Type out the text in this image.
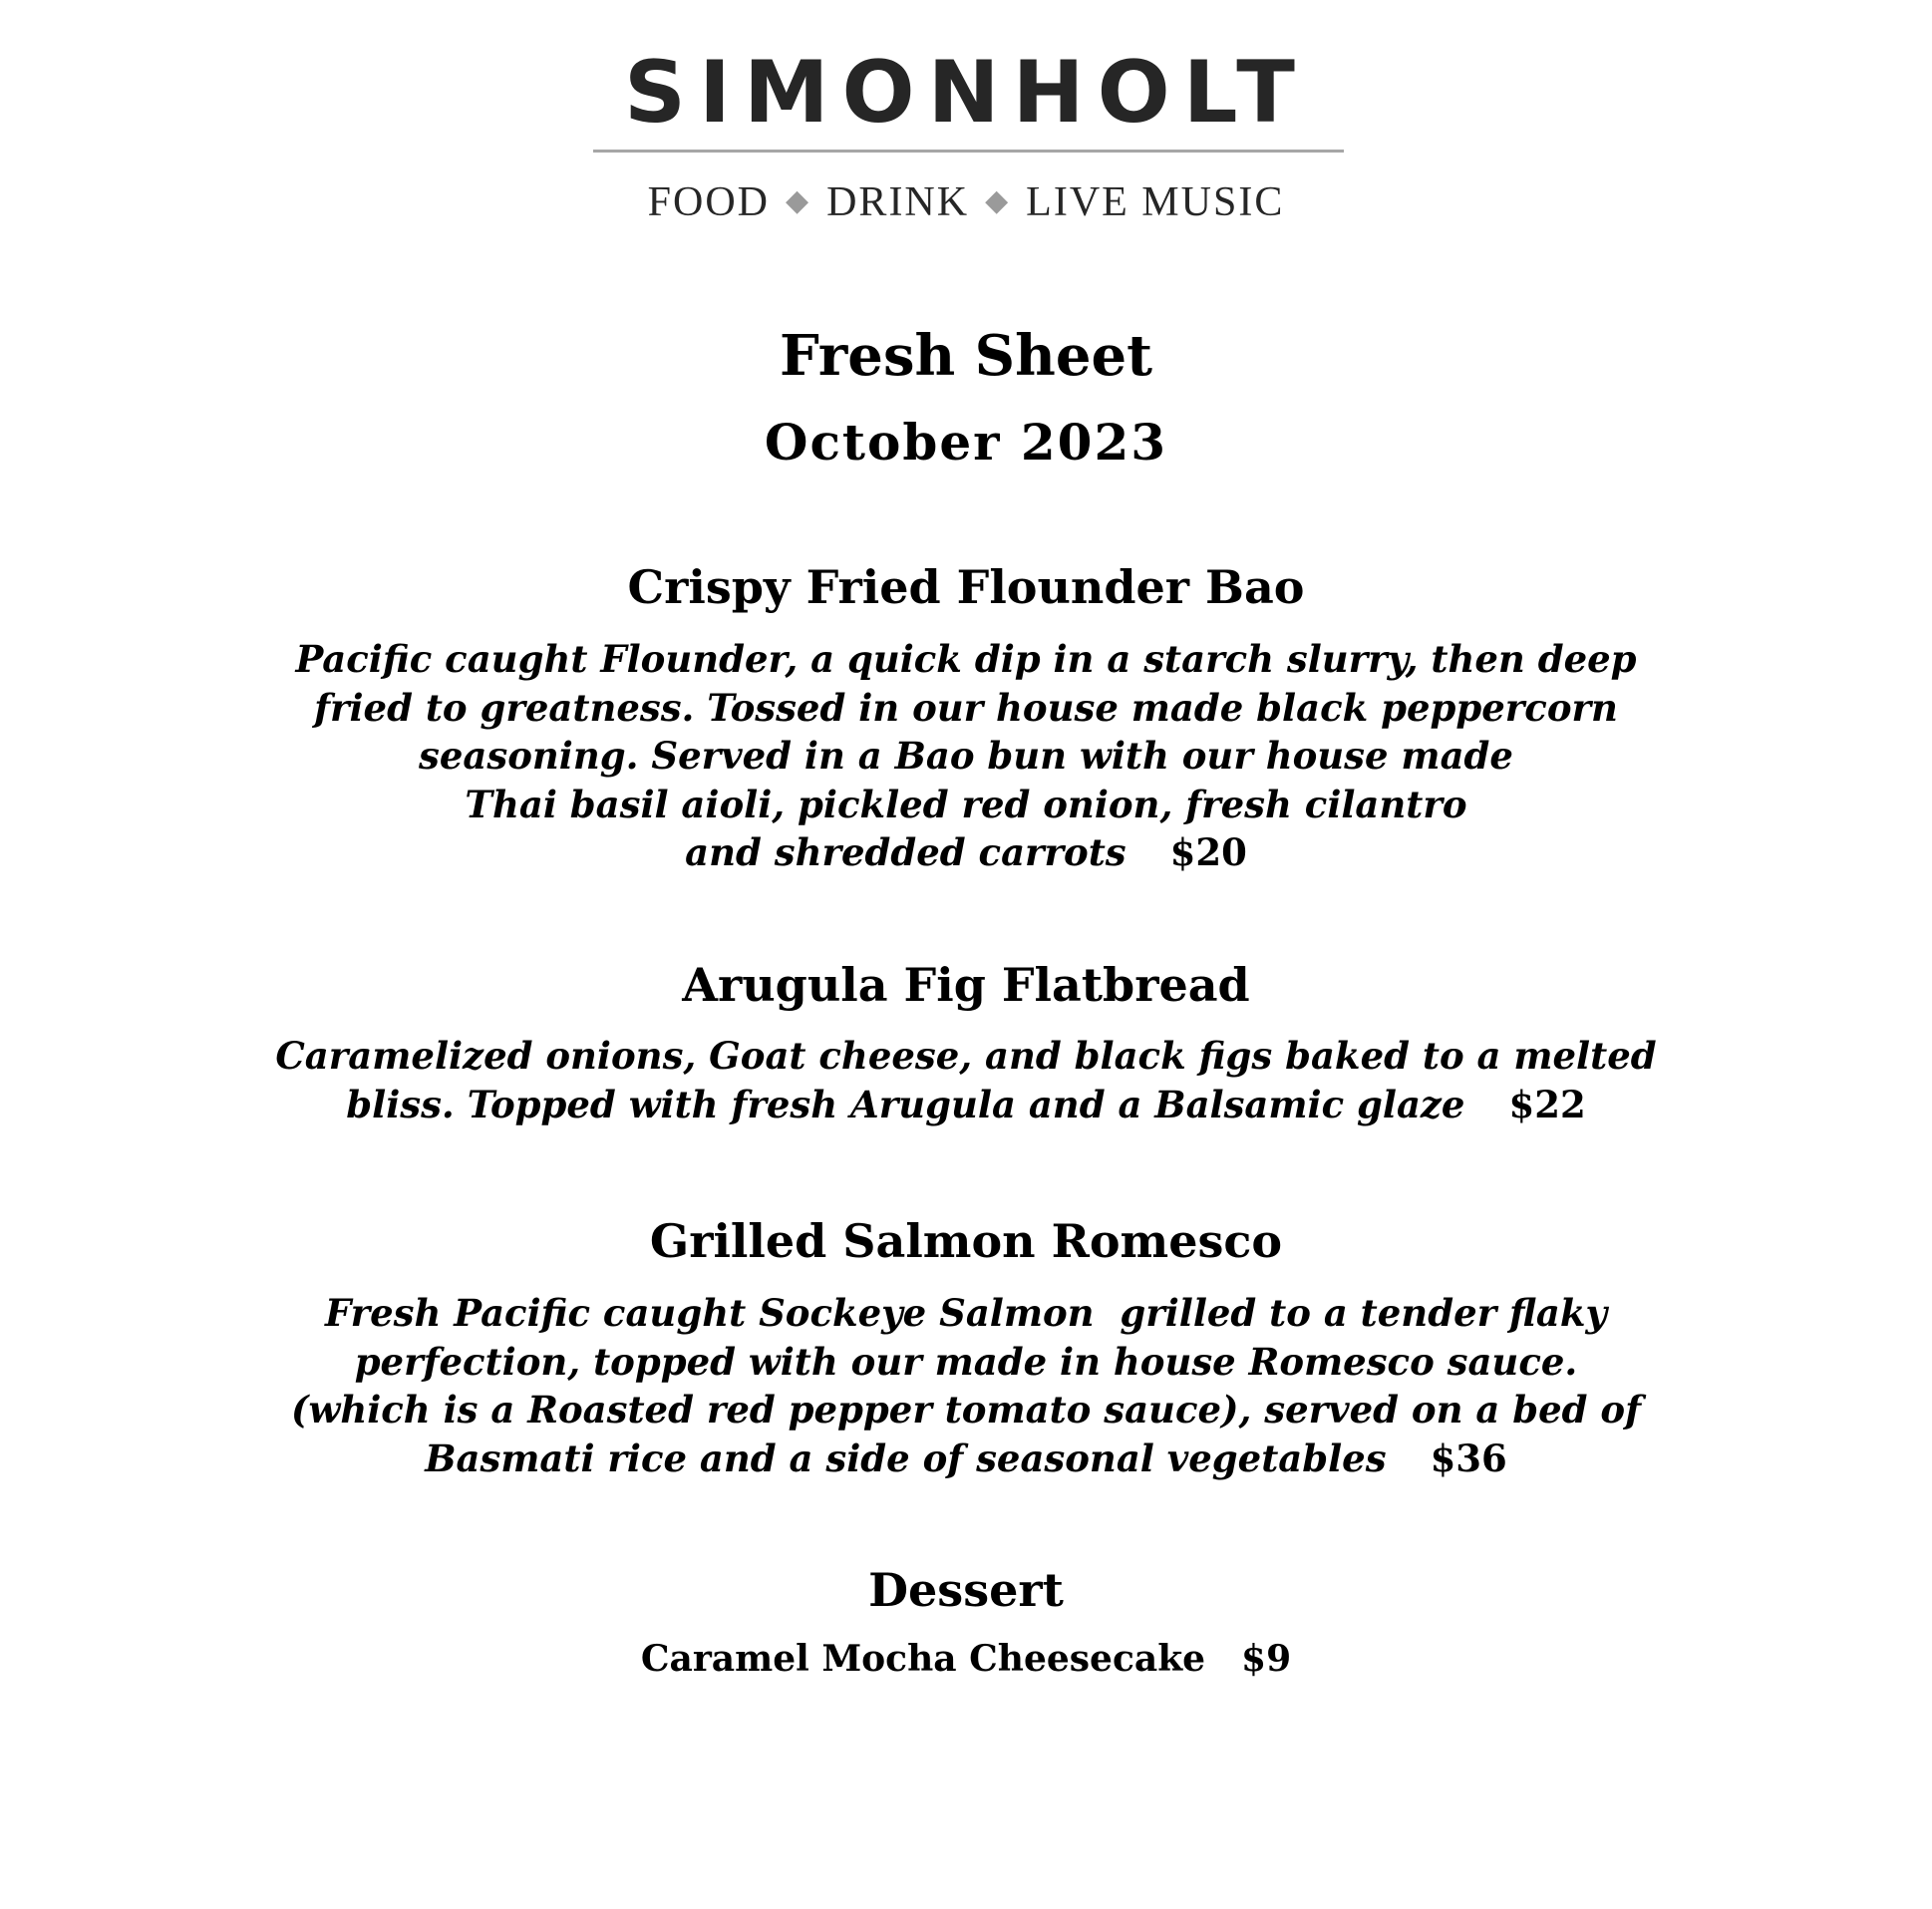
SIMONHOLT
FOOD ◆ DRINK ◆ LIVE MUSIC
Fresh Sheet
October 2023
Crispy Fried Flounder Bao
Pacific caught Flounder, a quick dip in a starch slurry, then deep
fried to greatness. Tossed in our house made black peppercorn
seasoning. Served in a Bao bun with our house made
Thai basil aioli, pickled red onion, fresh cilantro
and shredded carrots $20
Arugula Fig Flatbread
Caramelized onions, Goat cheese, and black figs baked to a melted
bliss. Topped with fresh Arugula and a Balsamic glaze $22
Grilled Salmon Romesco
Fresh Pacific caught Sockeye Salmon  grilled to a tender flaky
perfection, topped with our made in house Romesco sauce.
(which is a Roasted red pepper tomato sauce), served on a bed of
Basmati rice and a side of seasonal vegetables $36
Dessert
Caramel Mocha Cheesecake $9
